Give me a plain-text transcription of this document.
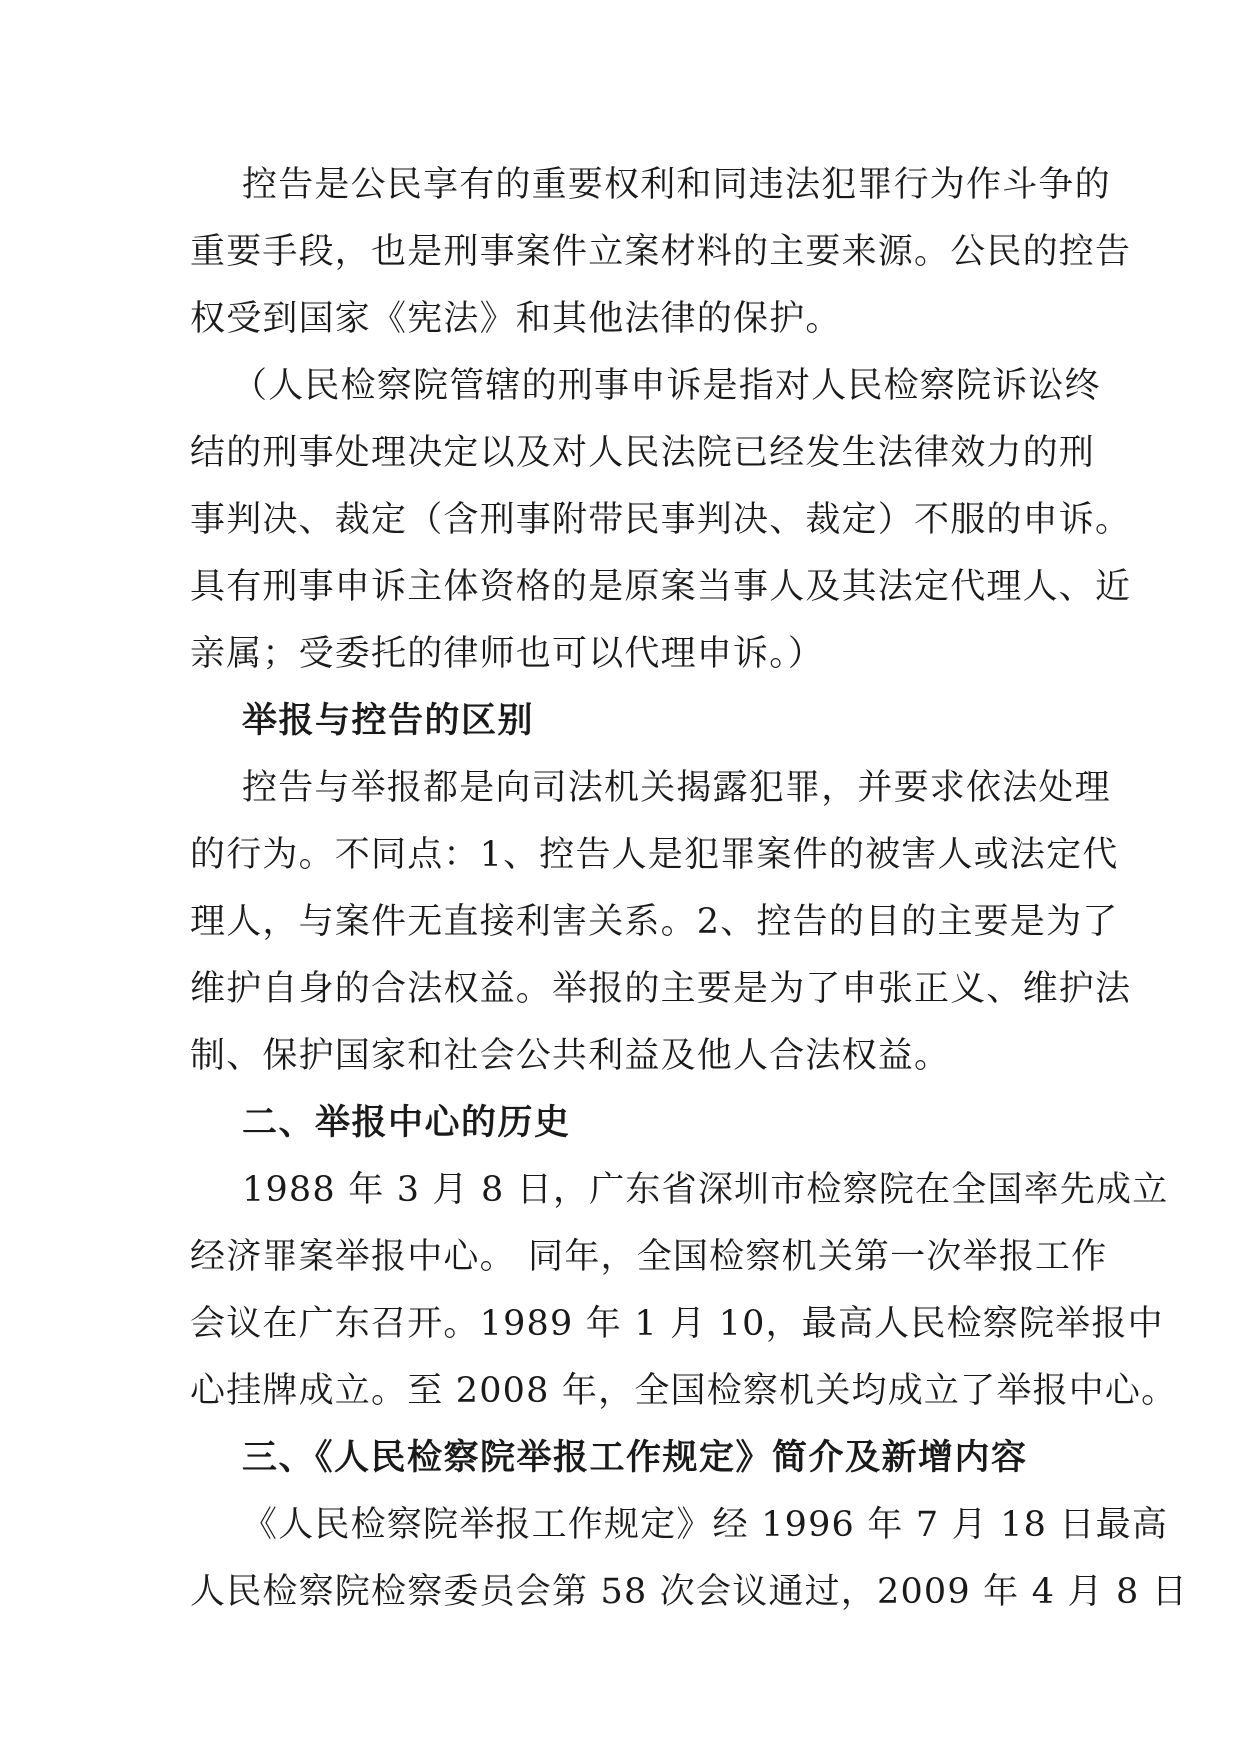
控告是公民享有的重要权利和同违法犯罪行为作斗争的
重要手段，也是刑事案件立案材料的主要来源。公民的控告
权受到国家《宪法》和其他法律的保护。
（人民检察院管辖的刑事申诉是指对人民检察院诉讼终
结的刑事处理决定以及对人民法院已经发生法律效力的刑
事判决、裁定（含刑事附带民事判决、裁定）不服的申诉。
具有刑事申诉主体资格的是原案当事人及其法定代理人、近
亲属；受委托的律师也可以代理申诉。）
举报与控告的区别
控告与举报都是向司法机关揭露犯罪，并要求依法处理
的行为。不同点：1、控告人是犯罪案件的被害人或法定代
理人，与案件无直接利害关系。2、控告的目的主要是为了
维护自身的合法权益。举报的主要是为了申张正义、维护法
制、保护国家和社会公共利益及他人合法权益。
二、举报中心的历史
1988 年 3 月 8 日，广东省深圳市检察院在全国率先成立
经济罪案举报中心。 同年，全国检察机关第一次举报工作
会议在广东召开。1989 年 1 月 10，最高人民检察院举报中
心挂牌成立。至 2008 年，全国检察机关均成立了举报中心。
三、《人民检察院举报工作规定》简介及新增内容
《人民检察院举报工作规定》经 1996 年 7 月 18 日最高
人民检察院检察委员会第 58 次会议通过，2009 年 4 月 8 日
